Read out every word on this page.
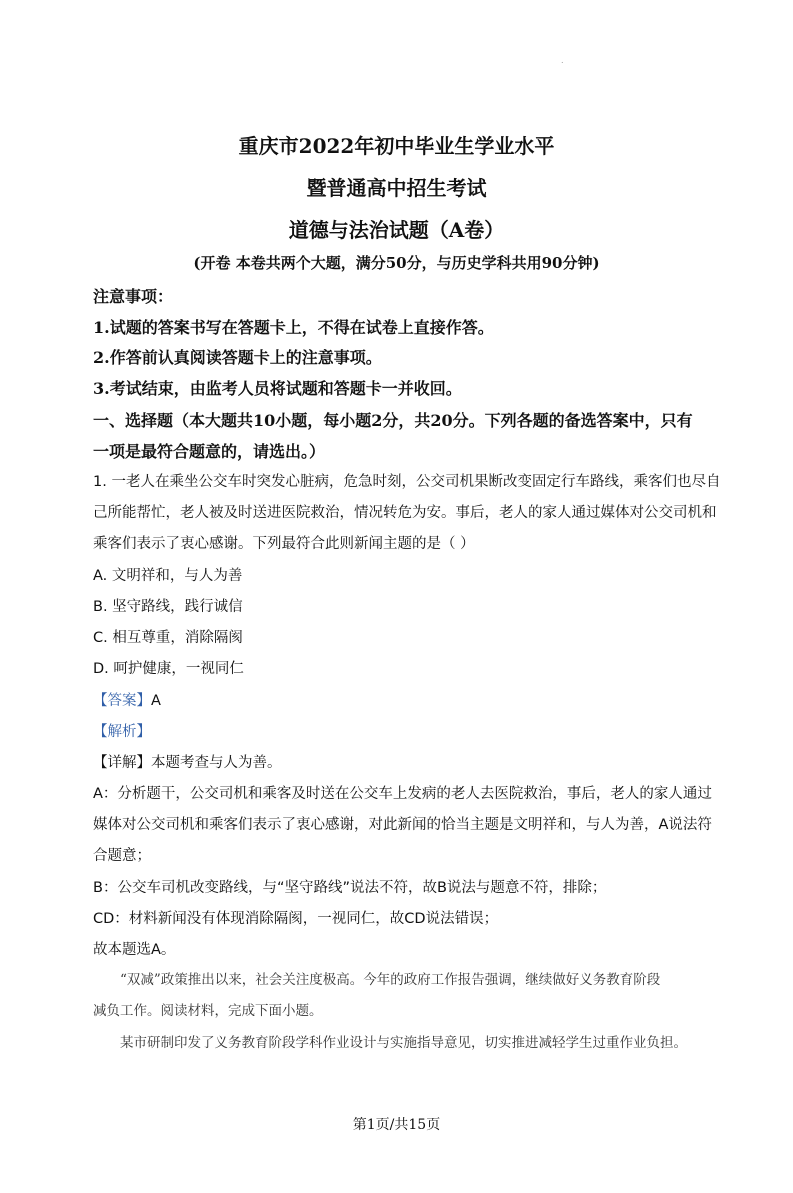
.
重庆市2022年初中毕业生学业水平
暨普通高中招生考试
道德与法治试题（A卷）
(开卷 本卷共两个大题，满分50分，与历史学科共用90分钟)
注意事项：
1.试题的答案书写在答题卡上，不得在试卷上直接作答。
2.作答前认真阅读答题卡上的注意事项。
3.考试结束，由监考人员将试题和答题卡一并收回。
一、选择题（本大题共10小题，每小题2分，共20分。下列各题的备选答案中，只有
一项是最符合题意的，请选出。）
1. 一老人在乘坐公交车时突发心脏病，危急时刻，公交司机果断改变固定行车路线，乘客们也尽自
己所能帮忙，老人被及时送进医院救治，情况转危为安。事后，老人的家人通过媒体对公交司机和
乘客们表示了衷心感谢。下列最符合此则新闻主题的是（ ）
A. 文明祥和，与人为善
B. 坚守路线，践行诚信
C. 相互尊重，消除隔阂
D. 呵护健康，一视同仁
【答案】A
【解析】
【详解】本题考查与人为善。
A：分析题干，公交司机和乘客及时送在公交车上发病的老人去医院救治，事后，老人的家人通过
媒体对公交司机和乘客们表示了衷心感谢，对此新闻的恰当主题是文明祥和，与人为善，A说法符
合题意；
B：公交车司机改变路线，与“坚守路线”说法不符，故B说法与题意不符，排除；
CD：材料新闻没有体现消除隔阂，一视同仁，故CD说法错误；
故本题选A。
“双减”政策推出以来，社会关注度极高。今年的政府工作报告强调，继续做好义务教育阶段
减负工作。阅读材料，完成下面小题。
某市研制印发了义务教育阶段学科作业设计与实施指导意见，切实推进减轻学生过重作业负担。
第1页/共15页
